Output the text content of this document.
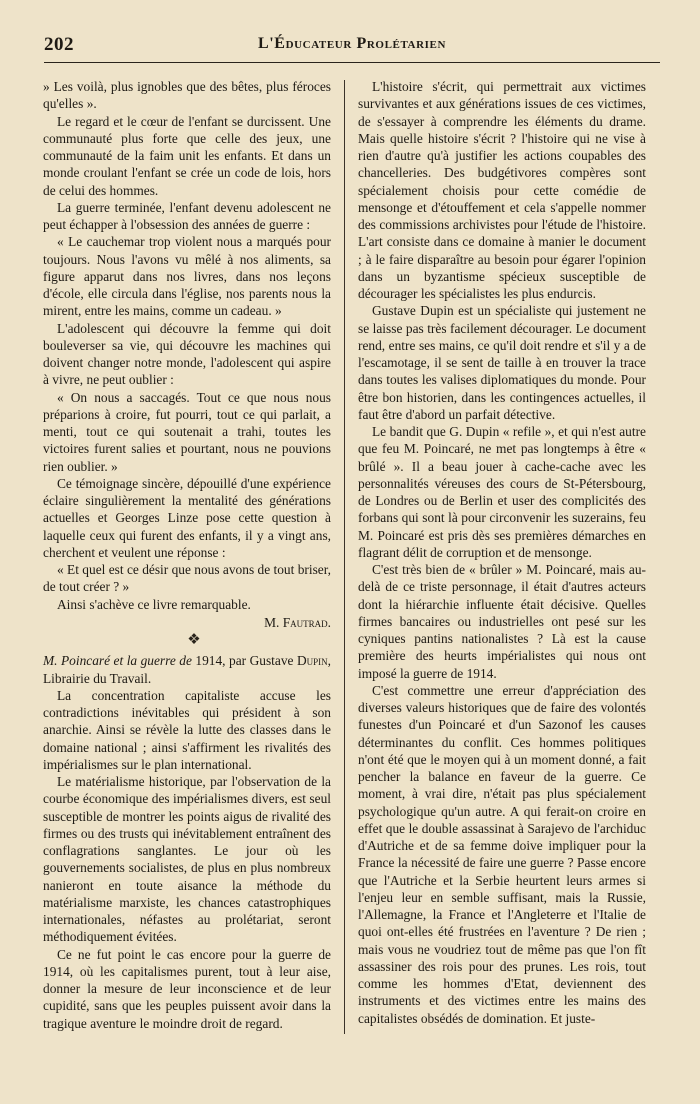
202	L'Éducateur Prolétarien

» Les voilà, plus ignobles que des bêtes, plus féroces qu'elles ».

Le regard et le cœur de l'enfant se durcissent. Une communauté plus forte que celle des jeux, une communauté de la faim unit les enfants. Et dans un monde croulant l'enfant se crée un code de lois, hors de celui des hommes.

La guerre terminée, l'enfant devenu adolescent ne peut échapper à l'obsession des années de guerre :

« Le cauchemar trop violent nous a marqués pour toujours. Nous l'avons vu mêlé à nos aliments, sa figure apparut dans nos livres, dans nos leçons d'école, elle circula dans l'église, nos parents nous la mirent, entre les mains, comme un cadeau. »

L'adolescent qui découvre la femme qui doit bouleverser sa vie, qui découvre les machines qui doivent changer notre monde, l'adolescent qui aspire à vivre, ne peut oublier :

« On nous a saccagés. Tout ce que nous nous préparions à croire, fut pourri, tout ce qui parlait, a menti, tout ce qui soutenait a trahi, toutes les victoires furent salies et pourtant, nous ne pouvions rien oublier. »

Ce témoignage sincère, dépouillé d'une expérience éclaire singulièrement la mentalité des générations actuelles et Georges Linze pose cette question à laquelle ceux qui furent des enfants, il y a vingt ans, cherchent et veulent une réponse :

« Et quel est ce désir que nous avons de tout briser, de tout créer ? »

Ainsi s'achève ce livre remarquable.

M. Fautrad.

❖

M. Poincaré et la guerre de 1914, par Gustave Dupin, Librairie du Travail.

La concentration capitaliste accuse les contradictions inévitables qui président à son anarchie. Ainsi se révèle la lutte des classes dans le domaine national ; ainsi s'affirment les rivalités des impérialismes sur le plan international.

Le matérialisme historique, par l'observation de la courbe économique des impérialismes divers, est seul susceptible de montrer les points aigus de rivalité des firmes ou des trusts qui inévitablement entraînent des conflagrations sanglantes. Le jour où les gouvernements socialistes, de plus en plus nombreux nanieront en toute aisance la méthode du matérialisme marxiste, les chances catastrophiques internationales, néfastes au prolétariat, seront méthodiquement évitées.

Ce ne fut point le cas encore pour la guerre de 1914, où les capitalismes purent, tout à leur aise, donner la mesure de leur inconscience et de leur cupidité, sans que les peuples puissent avoir dans la tragique aventure le moindre droit de regard.

L'histoire s'écrit, qui permettrait aux victimes survivantes et aux générations issues de ces victimes, de s'essayer à comprendre les éléments du drame. Mais quelle histoire s'écrit ? l'histoire qui ne vise à rien d'autre qu'à justifier les actions coupables des chancelleries. Des budgétivores compères sont spécialement choisis pour cette comédie de mensonge et d'étouffement et cela s'appelle nommer des commissions archivistes pour l'étude de l'histoire. L'art consiste dans ce domaine à manier le document ; à le faire disparaître au besoin pour égarer l'opinion dans un byzantisme spécieux susceptible de décourager les spécialistes les plus endurcis.

Gustave Dupin est un spécialiste qui justement ne se laisse pas très facilement décourager. Le document rend, entre ses mains, ce qu'il doit rendre et s'il y a de l'escamotage, il se sent de taille à en trouver la trace dans toutes les valises diplomatiques du monde. Pour être bon historien, dans les contingences actuelles, il faut être d'abord un parfait détective.

Le bandit que G. Dupin « refile », et qui n'est autre que feu M. Poincaré, ne met pas longtemps à être « brûlé ». Il a beau jouer à cache-cache avec les personnalités véreuses des cours de St-Pétersbourg, de Londres ou de Berlin et user des complicités des forbans qui sont là pour circonvenir les suzerains, feu M. Poincaré est pris dès ses premières démarches en flagrant délit de corruption et de mensonge.

C'est très bien de « brûler » M. Poincaré, mais au-delà de ce triste personnage, il était d'autres acteurs dont la hiérarchie influente était décisive. Quelles firmes bancaires ou industrielles ont pesé sur les cyniques pantins nationalistes ? Là est la cause première des heurts impérialistes qui nous ont imposé la guerre de 1914.

C'est commettre une erreur d'appréciation des diverses valeurs historiques que de faire des volontés funestes d'un Poincaré et d'un Sazonof les causes déterminantes du conflit. Ces hommes politiques n'ont été que le moyen qui à un moment donné, a fait pencher la balance en faveur de la guerre. Ce moment, à vrai dire, n'était pas plus spécialement psychologique qu'un autre. A qui ferait-on croire en effet que le double assassinat à Sarajevo de l'archiduc d'Autriche et de sa femme doive impliquer pour la France la nécessité de faire une guerre ? Passe encore que l'Autriche et la Serbie heurtent leurs armes si l'enjeu leur en semble suffisant, mais la Russie, l'Allemagne, la France et l'Angleterre et l'Italie de quoi ont-elles été frustrées en l'aventure ? De rien ; mais vous ne voudriez tout de même pas que l'on fît assassiner des rois pour des prunes. Les rois, tout comme les hommes d'Etat, deviennent des instruments et des victimes entre les mains des capitalistes obsédés de domination. Et juste-
